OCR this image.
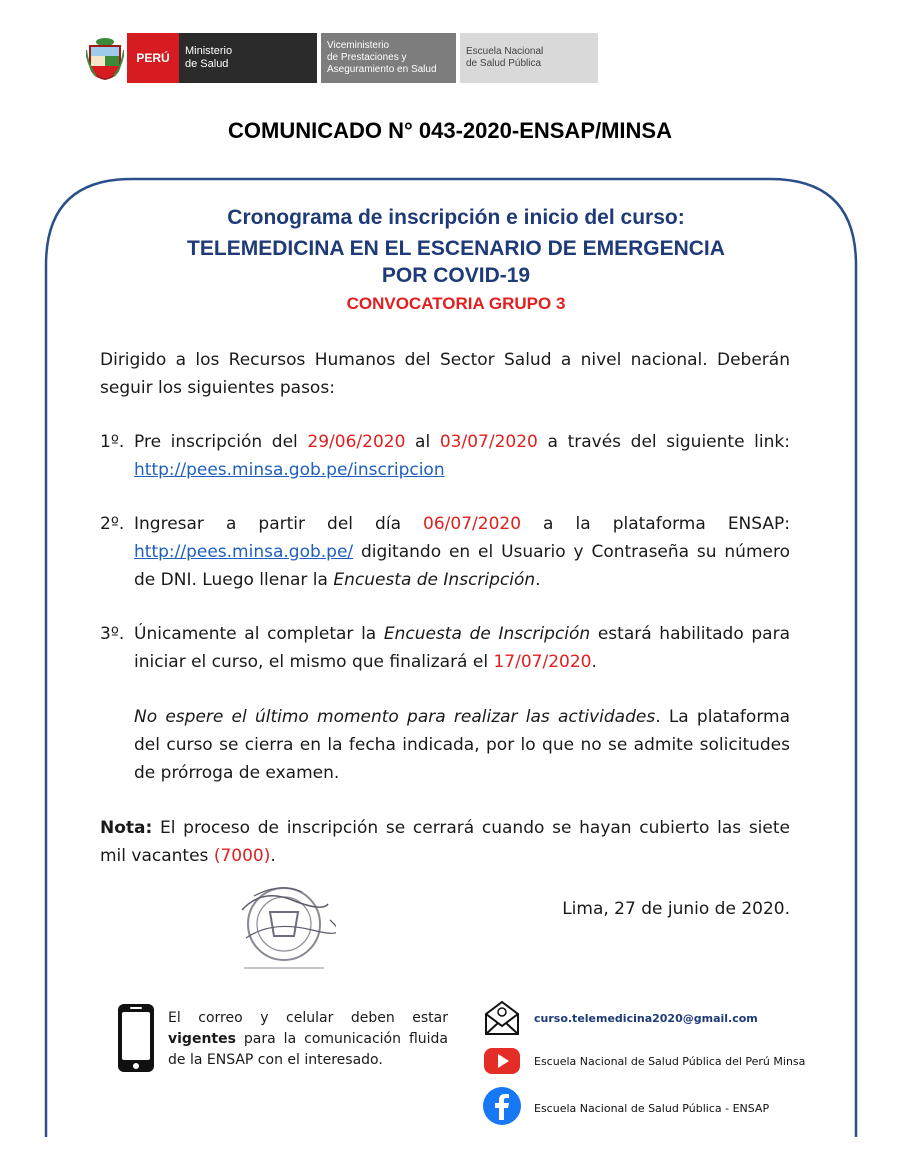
PERÚ Ministerio
de Salud
Viceministerio
de Prestaciones y
Aseguramiento en Salud
Escuela Nacional
de Salud Pública
COMUNICADO N° 043-2020-ENSAP/MINSA
Cronograma de inscripción e inicio del curso:
TELEMEDICINA EN EL ESCENARIO DE EMERGENCIA
POR COVID-19
CONVOCATORIA GRUPO 3
Dirigido a los Recursos Humanos del Sector Salud a nivel nacional. Deberán seguir los siguientes pasos:
1º. Pre inscripción del 29/06/2020 al 03/07/2020 a través del siguiente link: http://pees.minsa.gob.pe/inscripcion
2º. Ingresar a partir del día 06/07/2020 a la plataforma ENSAP: http://pees.minsa.gob.pe/ digitando en el Usuario y Contraseña su número de DNI. Luego llenar la Encuesta de Inscripción.
3º. Únicamente al completar la Encuesta de Inscripción estará habilitado para iniciar el curso, el mismo que finalizará el 17/07/2020.
No espere el último momento para realizar las actividades. La plataforma del curso se cierra en la fecha indicada, por lo que no se admite solicitudes de prórroga de examen.
Nota: El proceso de inscripción se cerrará cuando se hayan cubierto las siete mil vacantes (7000).
Lima, 27 de junio de 2020.
El correo y celular deben estar vigentes para la comunicación fluida de la ENSAP con el interesado.
curso.telemedicina2020@gmail.com
Escuela Nacional de Salud Pública del Perú Minsa
Escuela Nacional de Salud Pública - ENSAP
